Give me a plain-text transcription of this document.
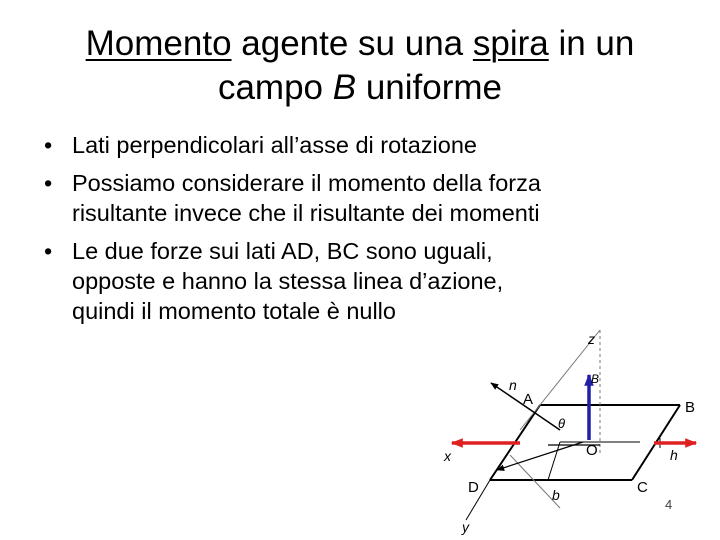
Momento agente su una spira in un
campo B uniforme
• Lati perpendicolari all’asse di rotazione
• Possiamo considerare il momento della forza
risultante invece che il risultante dei momenti
• Le due forze sui lati AD, BC sono uguali,
opposte e hanno la stessa linea d’azione,
quindi il momento totale è nullo
z
B
n
A	B
θ
O
x	h
D	b	C
y
4
